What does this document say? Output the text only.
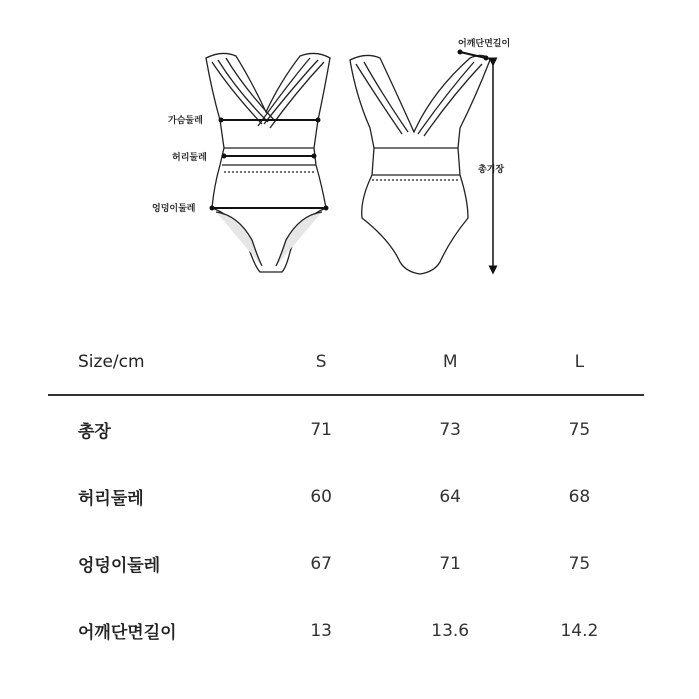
가슴둘레
허리둘레
엉덩이둘레
어깨단면길이
총기장
Size/cm	S	M	L
총장	71	73	75
허리둘레	60	64	68
엉덩이둘레	67	71	75
어깨단면길이	13	13.6	14.2
